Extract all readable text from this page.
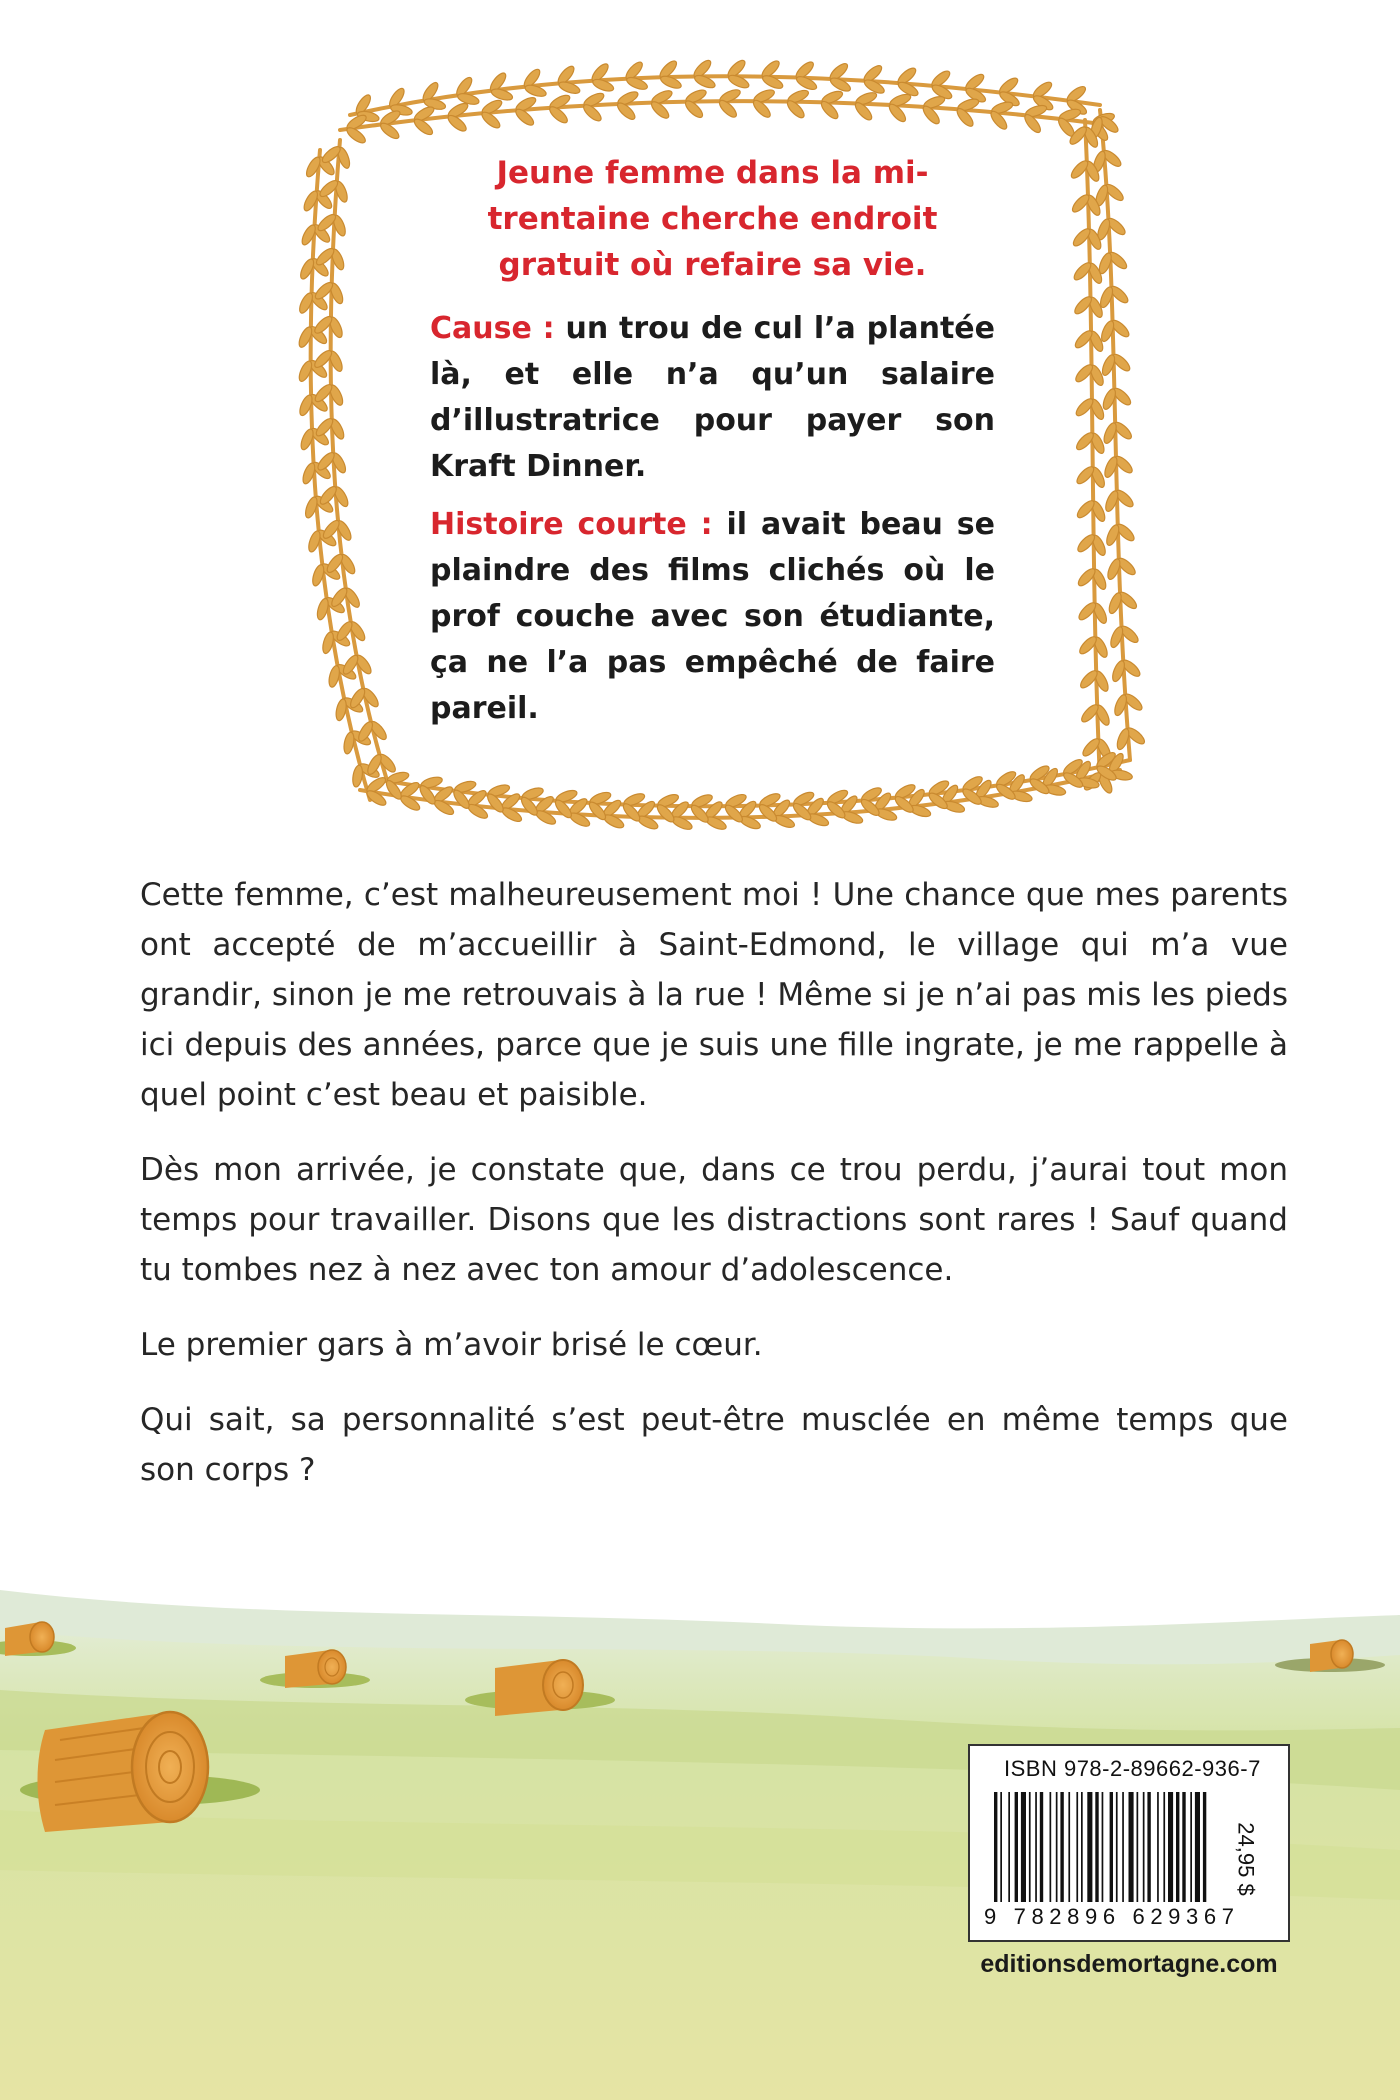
Jeune femme dans la mi-trentaine cherche endroit gratuit où refaire sa vie.

Cause : un trou de cul l’a plantée là, et elle n’a qu’un salaire d’illustratrice pour payer son Kraft Dinner.

Histoire courte : il avait beau se plaindre des films clichés où le prof couche avec son étudiante, ça ne l’a pas empêché de faire pareil.

Cette femme, c’est malheureusement moi ! Une chance que mes parents ont accepté de m’accueillir à Saint-Edmond, le village qui m’a vue grandir, sinon je me retrouvais à la rue ! Même si je n’ai pas mis les pieds ici depuis des années, parce que je suis une fille ingrate, je me rappelle à quel point c’est beau et paisible.

Dès mon arrivée, je constate que, dans ce trou perdu, j’aurai tout mon temps pour travailler. Disons que les distractions sont rares ! Sauf quand tu tombes nez à nez avec ton amour d’adolescence.

Le premier gars à m’avoir brisé le cœur.

Qui sait, sa personnalité s’est peut-être musclée en même temps que son corps ?

ISBN 978-2-89662-936-7
9 782896 629367
24,95 $
editionsdemortagne.com
